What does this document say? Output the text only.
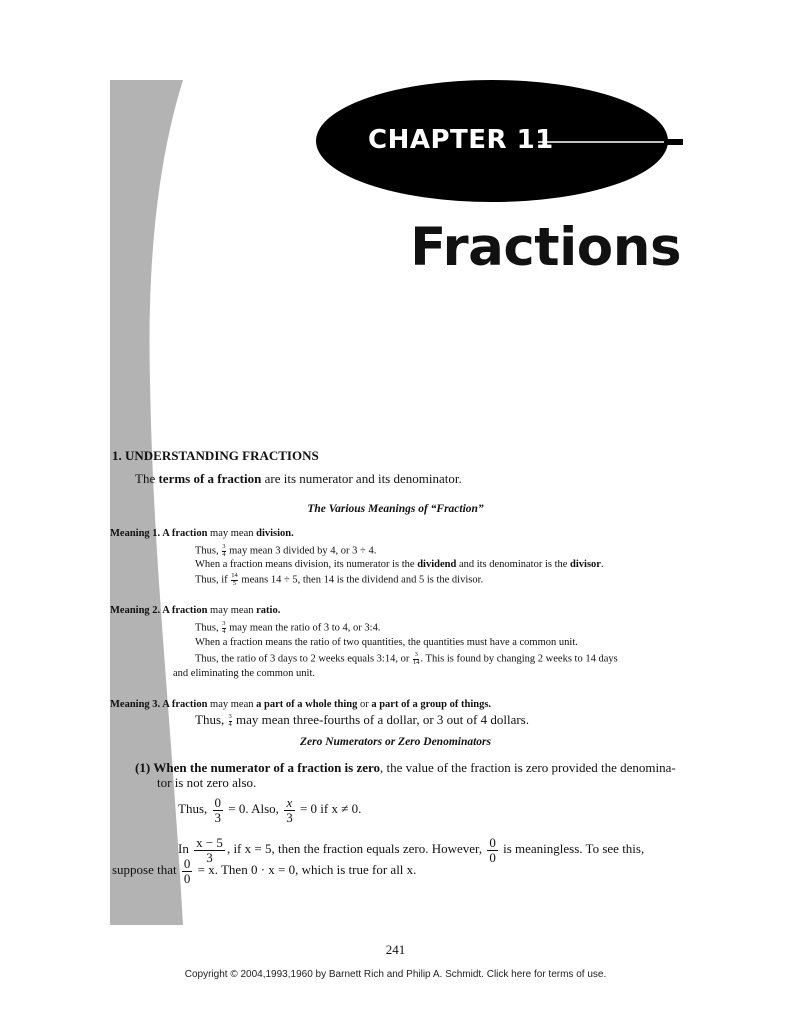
CHAPTER 11
Fractions
1. UNDERSTANDING FRACTIONS
The terms of a fraction are its numerator and its denominator.
The Various Meanings of “Fraction”
Meaning 1. A fraction may mean division.
Thus, $\frac{3}{4}$ may mean 3 divided by 4, or 3 ÷ 4.
When a fraction means division, its numerator is the dividend and its denominator is the divisor.
Thus, if $\frac{14}{5}$ means 14 ÷ 5, then 14 is the dividend and 5 is the divisor.
Meaning 2. A fraction may mean ratio.
Thus, $\frac{3}{4}$ may mean the ratio of 3 to 4, or 3:4.
When a fraction means the ratio of two quantities, the quantities must have a common unit.
Thus, the ratio of 3 days to 2 weeks equals 3:14, or $\frac{3}{14}$ . This is found by changing 2 weeks to 14 days
and eliminating the common unit.
Meaning 3. A fraction may mean a part of a whole thing or a part of a group of things.
Thus, $\frac{3}{4}$ may mean three-fourths of a dollar, or 3 out of 4 dollars.
Zero Numerators or Zero Denominators
(1) When the numerator of a fraction is zero, the value of the fraction is zero provided the denomina-
tor is not zero also.
Thus, $\frac{0}{3} = 0$. Also, $\frac{x}{3} = 0$ if x ≠ 0.
In $\frac{x - 5}{3}$ , if x = 5, then the fraction equals zero. However, $\frac{0}{0}$ is meaningless. To see this,
suppose that $\frac{0}{0} = x$. Then 0 · x = 0, which is true for all x.
241
Copyright © 2004,1993,1960 by Barnett Rich and Philip A. Schmidt. Click here for terms of use.
